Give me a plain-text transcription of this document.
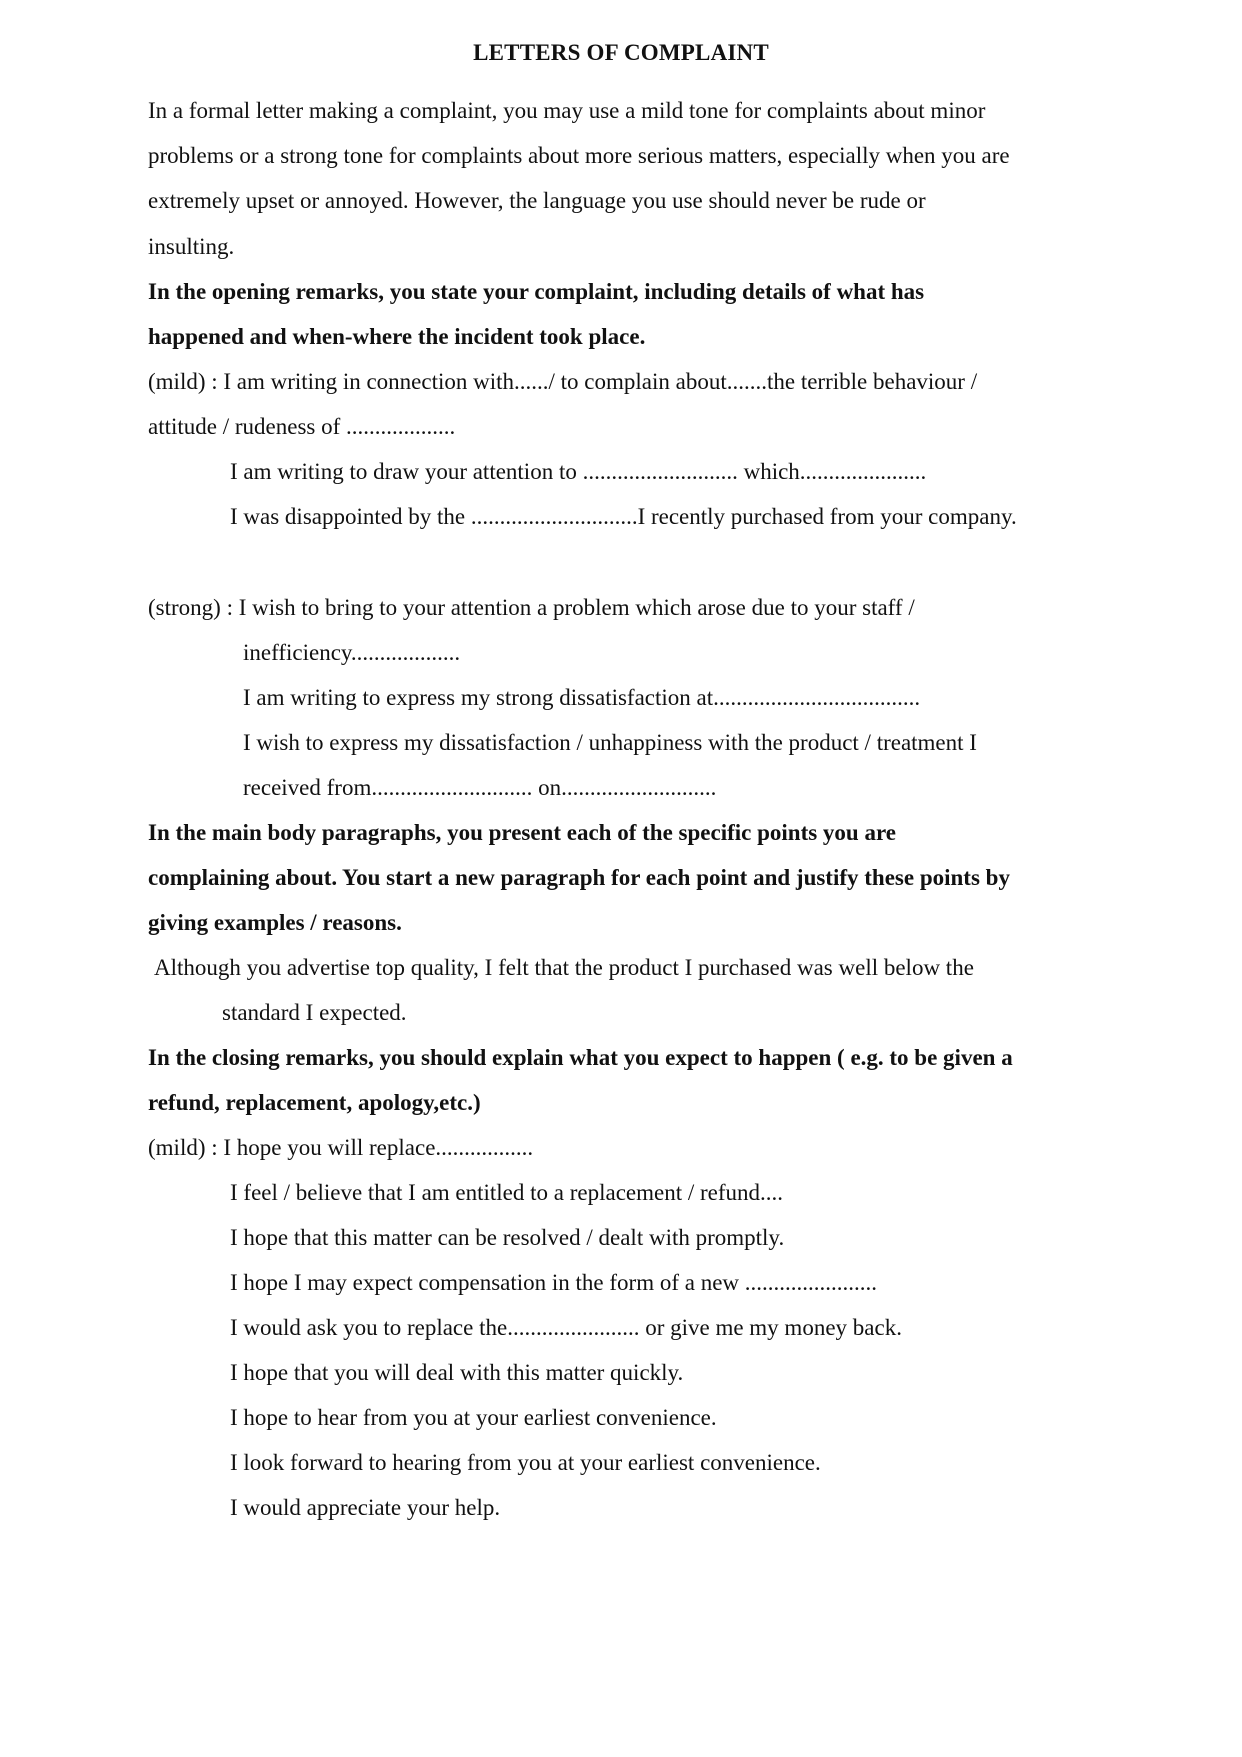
LETTERS OF COMPLAINT
In a formal letter making a complaint, you may use a mild tone for complaints about minor
problems or a strong tone for complaints about more serious matters, especially when you are
extremely upset or annoyed. However, the language you use should never be rude or
insulting.
In the opening remarks, you state your complaint, including details of what has
happened and when-where the incident took place.
(mild) : I am writing in connection with....../ to complain about.......the terrible behaviour /
attitude / rudeness of ...................
I am writing to draw your attention to ........................... which......................
I was disappointed by the .............................I recently purchased from your company.
(strong) : I wish to bring to your attention a problem which arose due to your staff /
inefficiency...................
I am writing to express my strong dissatisfaction at....................................
I wish to express my dissatisfaction / unhappiness with the product / treatment I
received from............................ on...........................
In the main body paragraphs, you present each of the specific points you are
complaining about. You start a new paragraph for each point and justify these points by
giving examples / reasons.
Although you advertise top quality, I felt that the product I purchased was well below the
standard I expected.
In the closing remarks, you should explain what you expect to happen ( e.g. to be given a
refund, replacement, apology,etc.)
(mild) : I hope you will replace.................
I feel / believe that I am entitled to a replacement / refund....
I hope that this matter can be resolved / dealt with promptly.
I hope I may expect compensation in the form of a new .......................
I would ask you to replace the....................... or give me my money back.
I hope that you will deal with this matter quickly.
I hope to hear from you at your earliest convenience.
I look forward to hearing from you at your earliest convenience.
I would appreciate your help.
